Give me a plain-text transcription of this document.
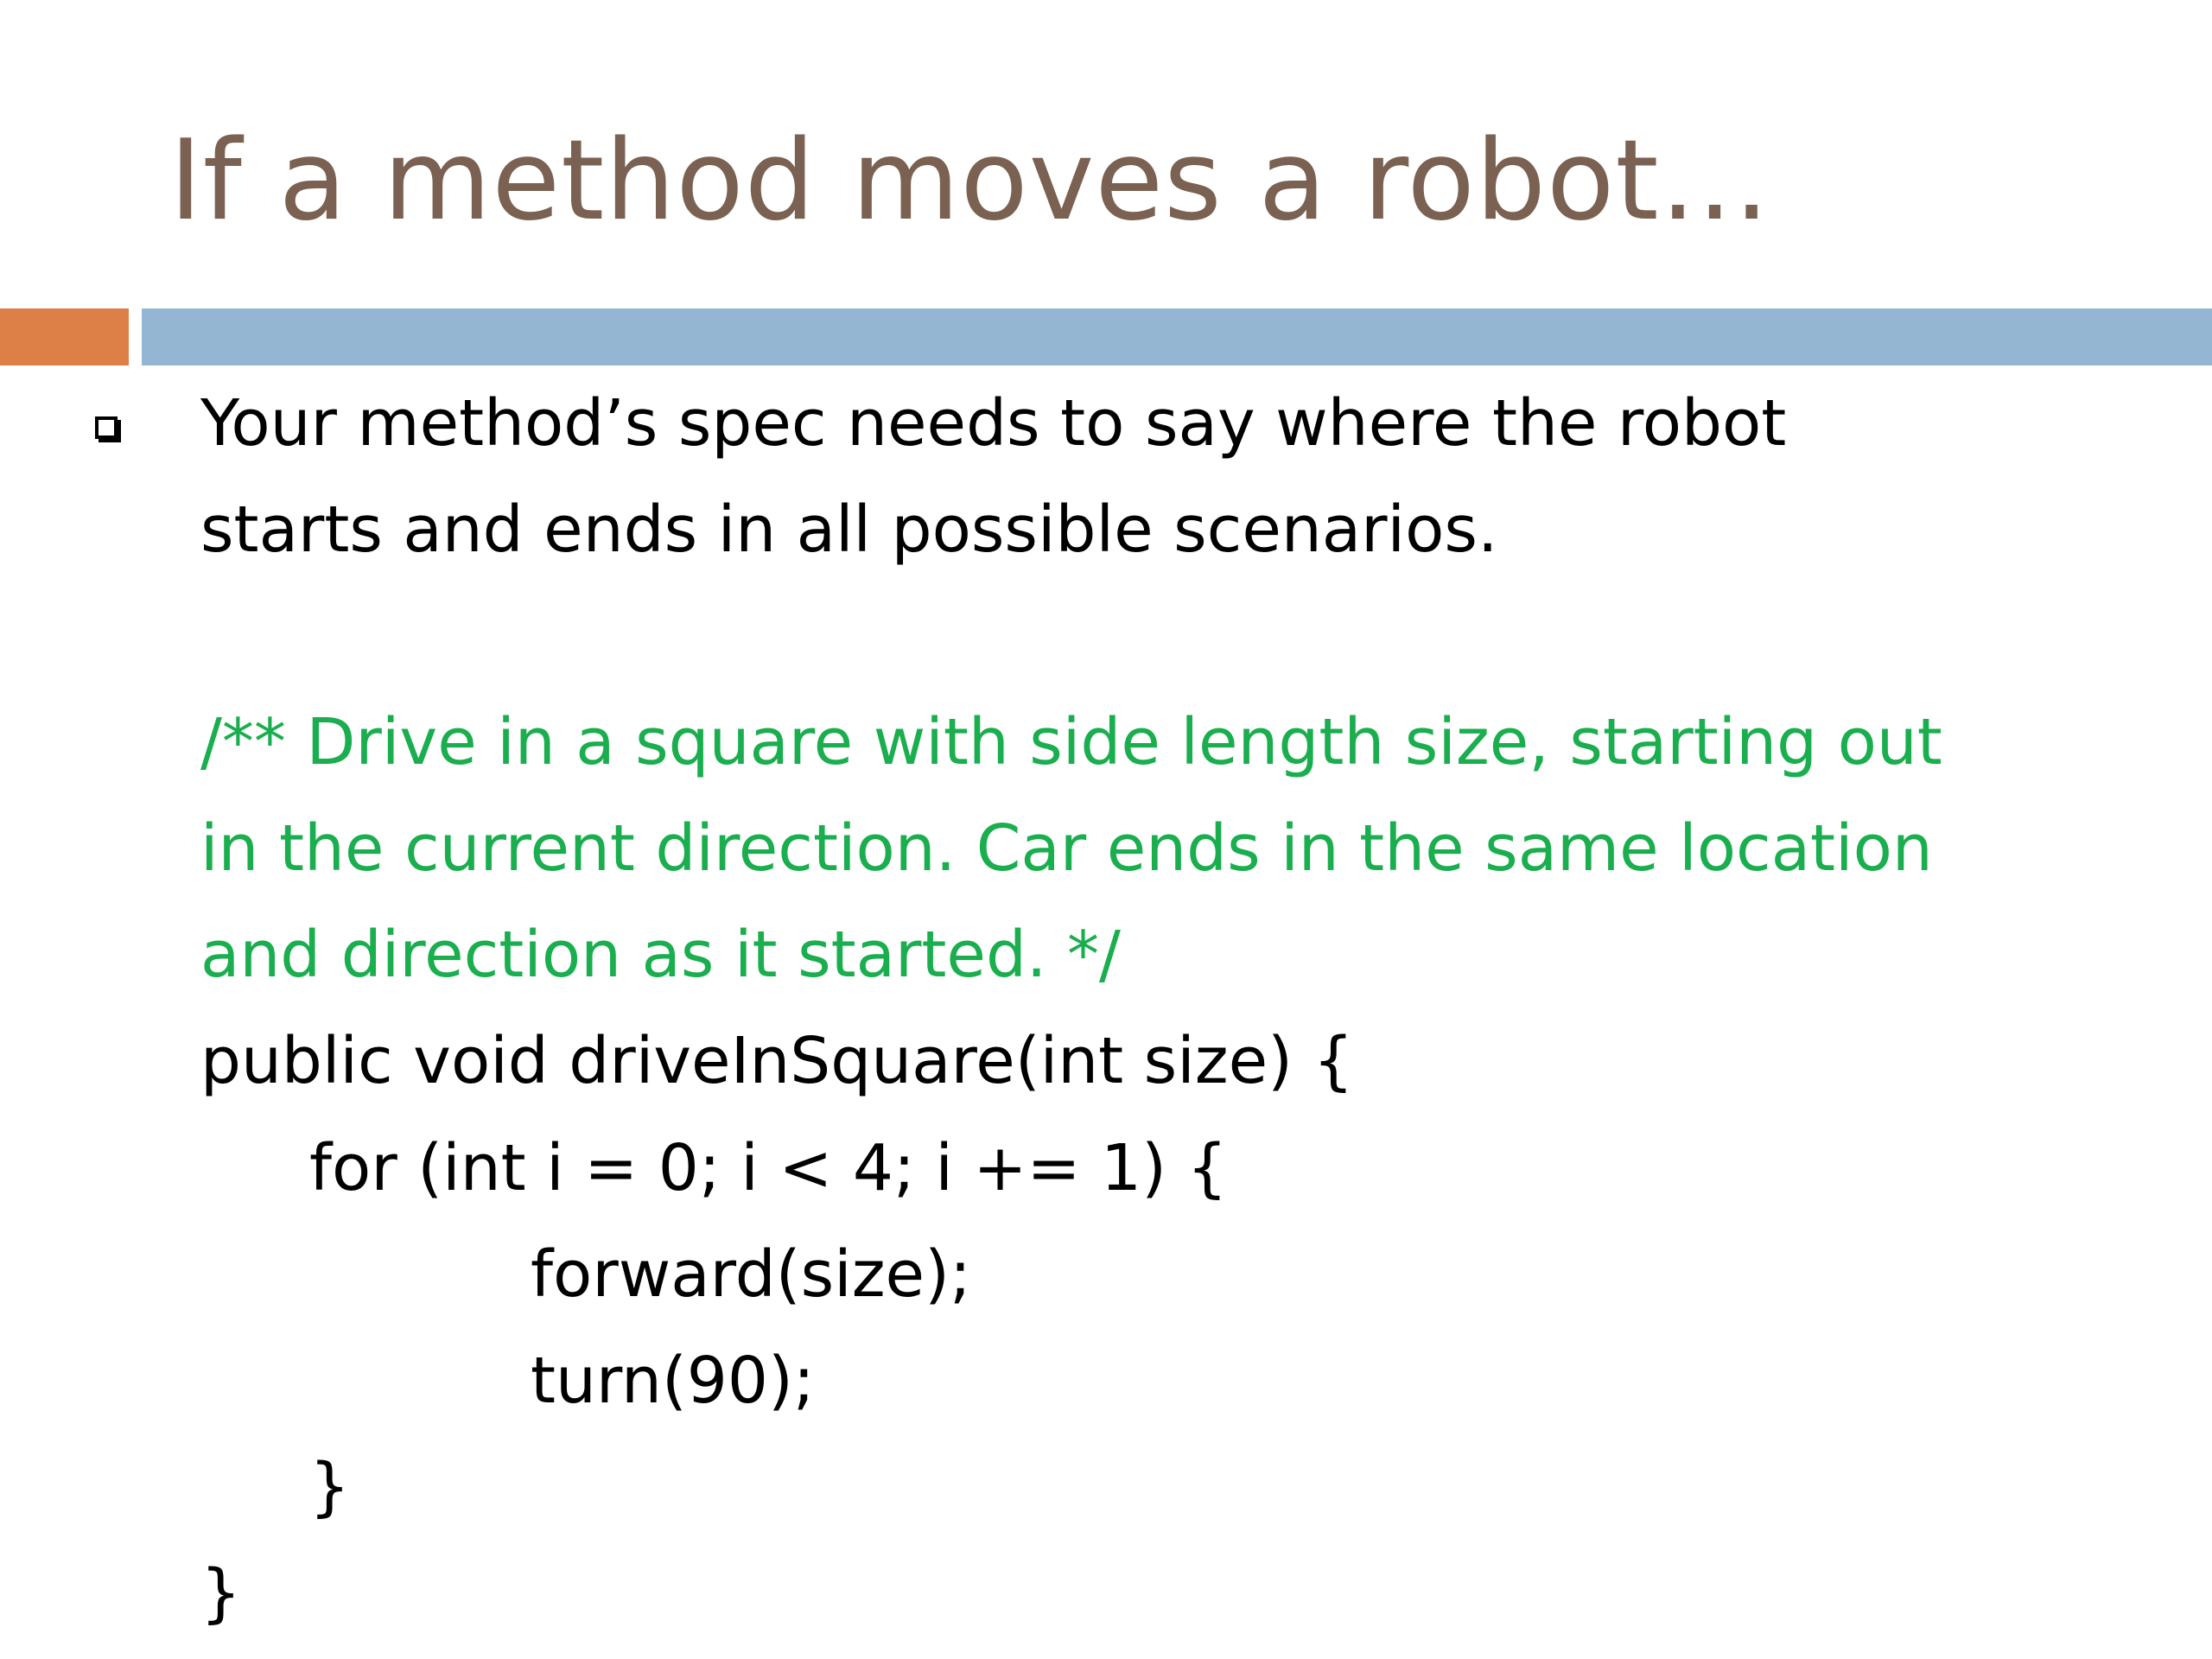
If a method moves a robot…
Your method’s spec needs to say where the robot
starts and ends in all possible scenarios.
/** Drive in a square with side length size, starting out
in the current direction. Car ends in the same location
and direction as it started. */
public void driveInSquare(int size) {
for (int i = 0; i < 4; i += 1) {
forward(size);
turn(90);
}
}
